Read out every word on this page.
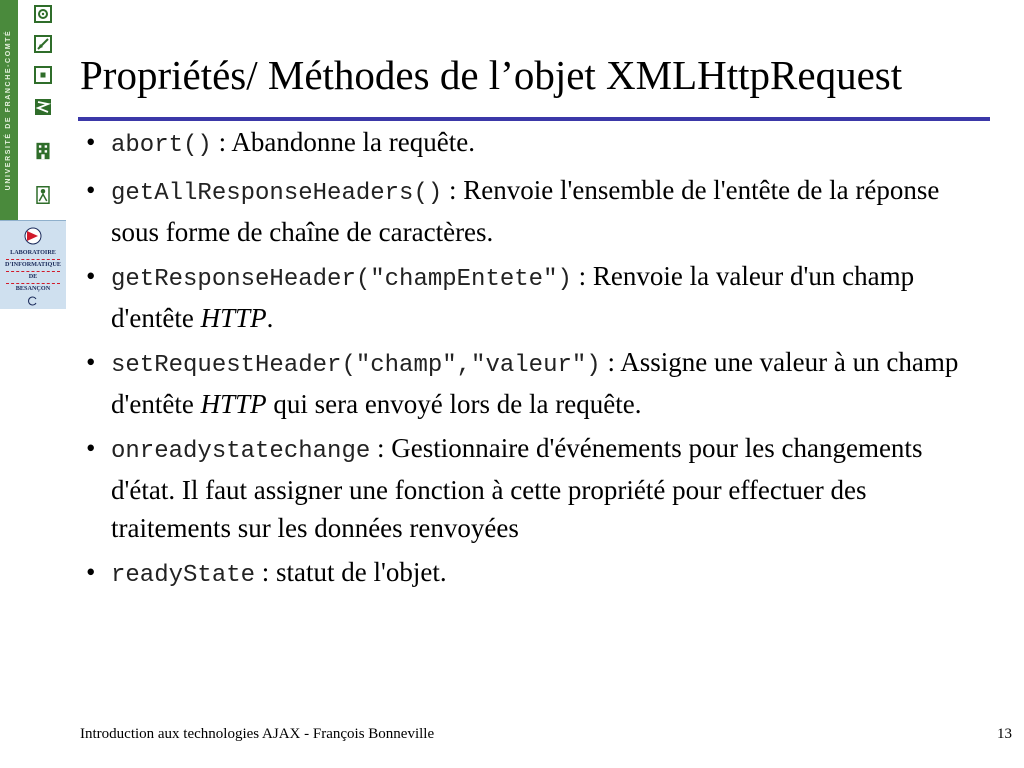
UNIVERSITÉ DE FRANCHE-COMTÉ
LABORATOIRE
D'INFORMATIQUE
DE
BESANÇON
Propriétés/ Méthodes de l’objet XMLHttpRequest
• abort() : Abandonne la requête.
• getAllResponseHeaders() : Renvoie l'ensemble de l'entête de la réponse sous forme de chaîne de caractères.
• getResponseHeader("champEntete") : Renvoie la valeur d'un champ d'entête HTTP.
• setRequestHeader("champ","valeur") : Assigne une valeur à un champ d'entête HTTP qui sera envoyé lors de la requête.
• onreadystatechange : Gestionnaire d'événements pour les changements d'état. Il faut assigner une fonction à cette propriété pour effectuer des traitements sur les données renvoyées
• readyState : statut de l'objet.
Introduction aux technologies AJAX - François Bonneville	13
